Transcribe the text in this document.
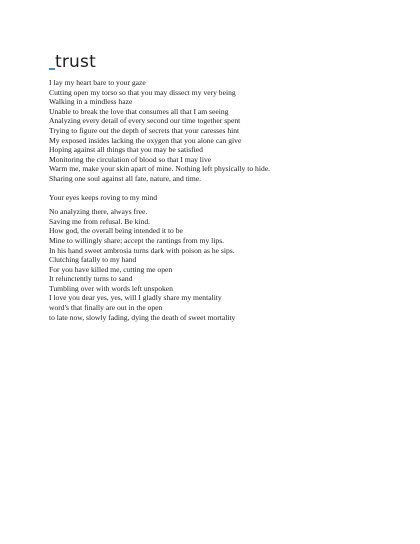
trust
I lay my heart bare to your gaze
Cutting open my torso so that you may dissect my very being
Walking in a mindless haze
Unable to break the love that consumes all that I am seeing
Analyzing every detail of every second our time together spent
Trying to figure out the depth of secrets that your caresses hint
My exposed insides lacking the oxygen that you alone can give
Hoping against all things that you may be satisfied
Monitoring the circulation of blood so that I may live
Warm me, make your skin apart of mine. Nothing left physically to hide.
Sharing one soul against all fate, nature, and time.
Your eyes keeps roving to my mind
No analyzing there, always free.
Saving me from refusal. Be kind.
How god, the overall being intended it to be
Mine to willingly share; accept the rantings from my lips.
In his hand sweet ambrosia turns dark with poison as he sips.
Clutching fatally to my hand
For you have killed me, cutting me open
It relunctently turns to sand
Tumbling over with words left unspoken
I love you dear yes, yes, will I gladly share my mentality
word's that finally are out in the open
to late now, slowly fading, dying the death of sweet mortality
